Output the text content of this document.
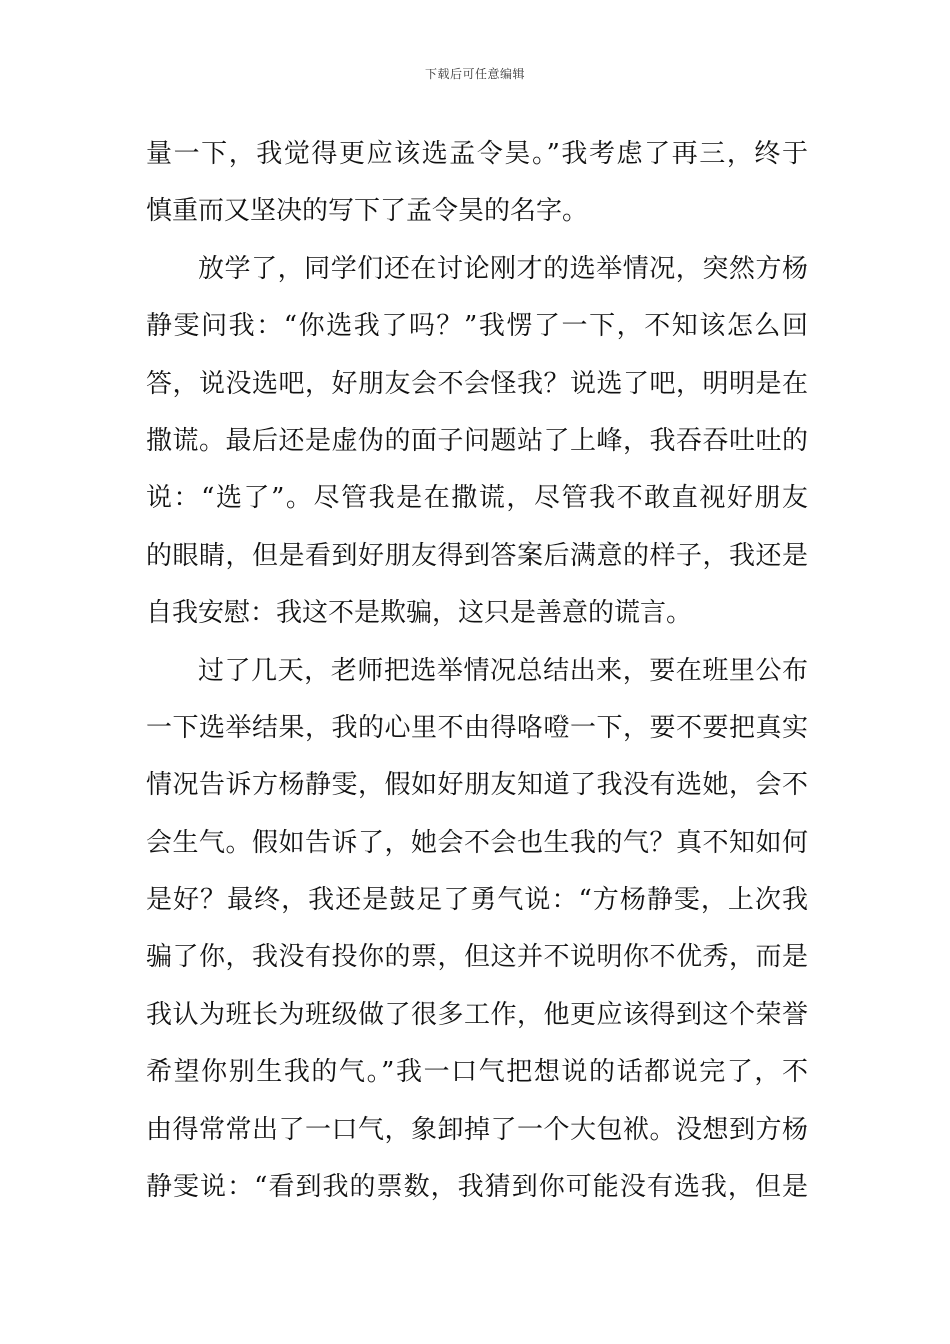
下载后可任意编辑
量一下，我觉得更应该选孟令昊。”我考虑了再三，终于
慎重而又坚决的写下了孟令昊的名字。
放学了，同学们还在讨论刚才的选举情况，突然方杨
静雯问我：“你选我了吗？”我愣了一下，不知该怎么回
答，说没选吧，好朋友会不会怪我？说选了吧，明明是在
撒谎。最后还是虚伪的面子问题站了上峰，我吞吞吐吐的
说：“选了”。尽管我是在撒谎，尽管我不敢直视好朋友
的眼睛，但是看到好朋友得到答案后满意的样子，我还是
自我安慰：我这不是欺骗，这只是善意的谎言。
过了几天，老师把选举情况总结出来，要在班里公布
一下选举结果，我的心里不由得咯噔一下，要不要把真实
情况告诉方杨静雯，假如好朋友知道了我没有选她，会不
会生气。假如告诉了，她会不会也生我的气？真不知如何
是好？最终，我还是鼓足了勇气说：“方杨静雯，上次我
骗了你，我没有投你的票，但这并不说明你不优秀，而是
我认为班长为班级做了很多工作，他更应该得到这个荣誉
希望你别生我的气。”我一口气把想说的话都说完了，不
由得常常出了一口气，象卸掉了一个大包袱。没想到方杨
静雯说：“看到我的票数，我猜到你可能没有选我，但是
